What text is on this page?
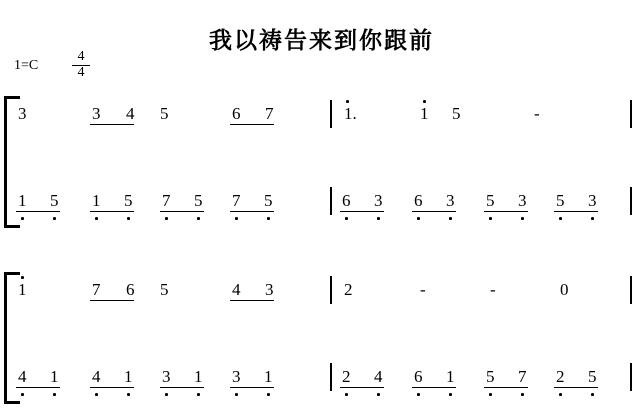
我以祷告来到你跟前
$1=C \frac{4}{4}$
3	3 4 5	6 7	1.	1 5	-
1 5 1 5 7 5 7 5	6 3 6 3 5 3 5 3
1	7 6 5	4 3	2	-	-	0
4 1 4 1 3 1 3 1	2 4 6 1 5 7 2 5
